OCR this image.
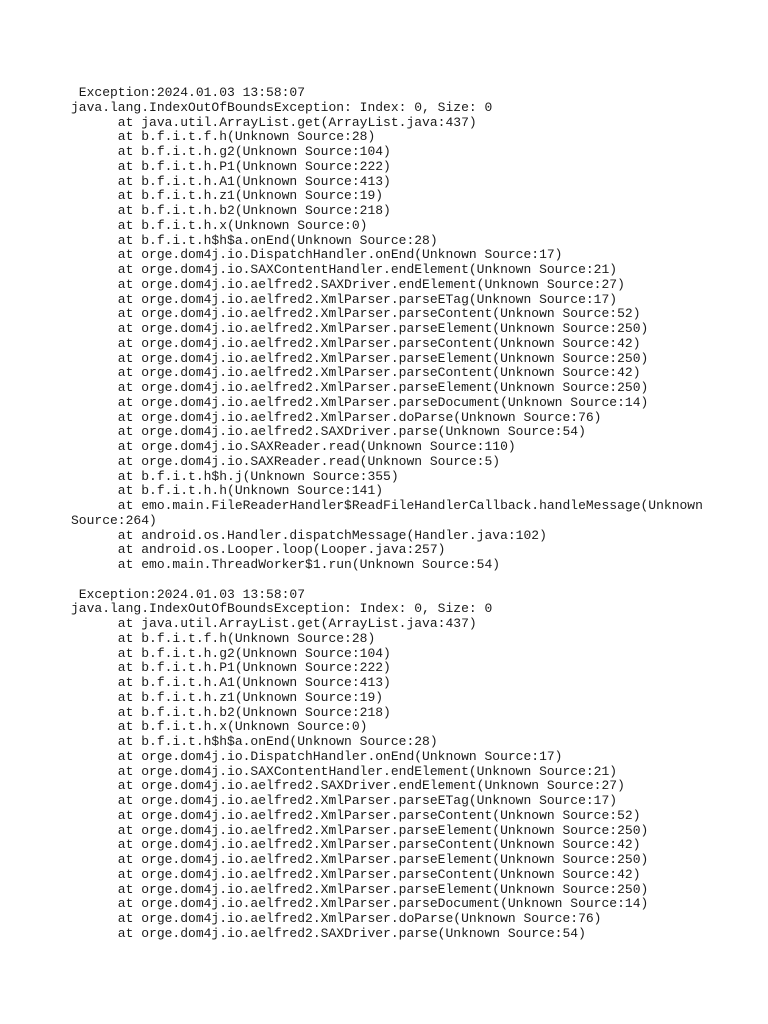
Exception:2024.01.03 13:58:07
java.lang.IndexOutOfBoundsException: Index: 0, Size: 0
at java.util.ArrayList.get(ArrayList.java:437)
at b.f.i.t.f.h(Unknown Source:28)
at b.f.i.t.h.g2(Unknown Source:104)
at b.f.i.t.h.P1(Unknown Source:222)
at b.f.i.t.h.A1(Unknown Source:413)
at b.f.i.t.h.z1(Unknown Source:19)
at b.f.i.t.h.b2(Unknown Source:218)
at b.f.i.t.h.x(Unknown Source:0)
at b.f.i.t.h$h$a.onEnd(Unknown Source:28)
at orge.dom4j.io.DispatchHandler.onEnd(Unknown Source:17)
at orge.dom4j.io.SAXContentHandler.endElement(Unknown Source:21)
at orge.dom4j.io.aelfred2.SAXDriver.endElement(Unknown Source:27)
at orge.dom4j.io.aelfred2.XmlParser.parseETag(Unknown Source:17)
at orge.dom4j.io.aelfred2.XmlParser.parseContent(Unknown Source:52)
at orge.dom4j.io.aelfred2.XmlParser.parseElement(Unknown Source:250)
at orge.dom4j.io.aelfred2.XmlParser.parseContent(Unknown Source:42)
at orge.dom4j.io.aelfred2.XmlParser.parseElement(Unknown Source:250)
at orge.dom4j.io.aelfred2.XmlParser.parseContent(Unknown Source:42)
at orge.dom4j.io.aelfred2.XmlParser.parseElement(Unknown Source:250)
at orge.dom4j.io.aelfred2.XmlParser.parseDocument(Unknown Source:14)
at orge.dom4j.io.aelfred2.XmlParser.doParse(Unknown Source:76)
at orge.dom4j.io.aelfred2.SAXDriver.parse(Unknown Source:54)
at orge.dom4j.io.SAXReader.read(Unknown Source:110)
at orge.dom4j.io.SAXReader.read(Unknown Source:5)
at b.f.i.t.h$h.j(Unknown Source:355)
at b.f.i.t.h.h(Unknown Source:141)
at emo.main.FileReaderHandler$ReadFileHandlerCallback.handleMessage(Unknown
Source:264)
at android.os.Handler.dispatchMessage(Handler.java:102)
at android.os.Looper.loop(Looper.java:257)
at emo.main.ThreadWorker$1.run(Unknown Source:54)
Exception:2024.01.03 13:58:07
java.lang.IndexOutOfBoundsException: Index: 0, Size: 0
at java.util.ArrayList.get(ArrayList.java:437)
at b.f.i.t.f.h(Unknown Source:28)
at b.f.i.t.h.g2(Unknown Source:104)
at b.f.i.t.h.P1(Unknown Source:222)
at b.f.i.t.h.A1(Unknown Source:413)
at b.f.i.t.h.z1(Unknown Source:19)
at b.f.i.t.h.b2(Unknown Source:218)
at b.f.i.t.h.x(Unknown Source:0)
at b.f.i.t.h$h$a.onEnd(Unknown Source:28)
at orge.dom4j.io.DispatchHandler.onEnd(Unknown Source:17)
at orge.dom4j.io.SAXContentHandler.endElement(Unknown Source:21)
at orge.dom4j.io.aelfred2.SAXDriver.endElement(Unknown Source:27)
at orge.dom4j.io.aelfred2.XmlParser.parseETag(Unknown Source:17)
at orge.dom4j.io.aelfred2.XmlParser.parseContent(Unknown Source:52)
at orge.dom4j.io.aelfred2.XmlParser.parseElement(Unknown Source:250)
at orge.dom4j.io.aelfred2.XmlParser.parseContent(Unknown Source:42)
at orge.dom4j.io.aelfred2.XmlParser.parseElement(Unknown Source:250)
at orge.dom4j.io.aelfred2.XmlParser.parseContent(Unknown Source:42)
at orge.dom4j.io.aelfred2.XmlParser.parseElement(Unknown Source:250)
at orge.dom4j.io.aelfred2.XmlParser.parseDocument(Unknown Source:14)
at orge.dom4j.io.aelfred2.XmlParser.doParse(Unknown Source:76)
at orge.dom4j.io.aelfred2.SAXDriver.parse(Unknown Source:54)
